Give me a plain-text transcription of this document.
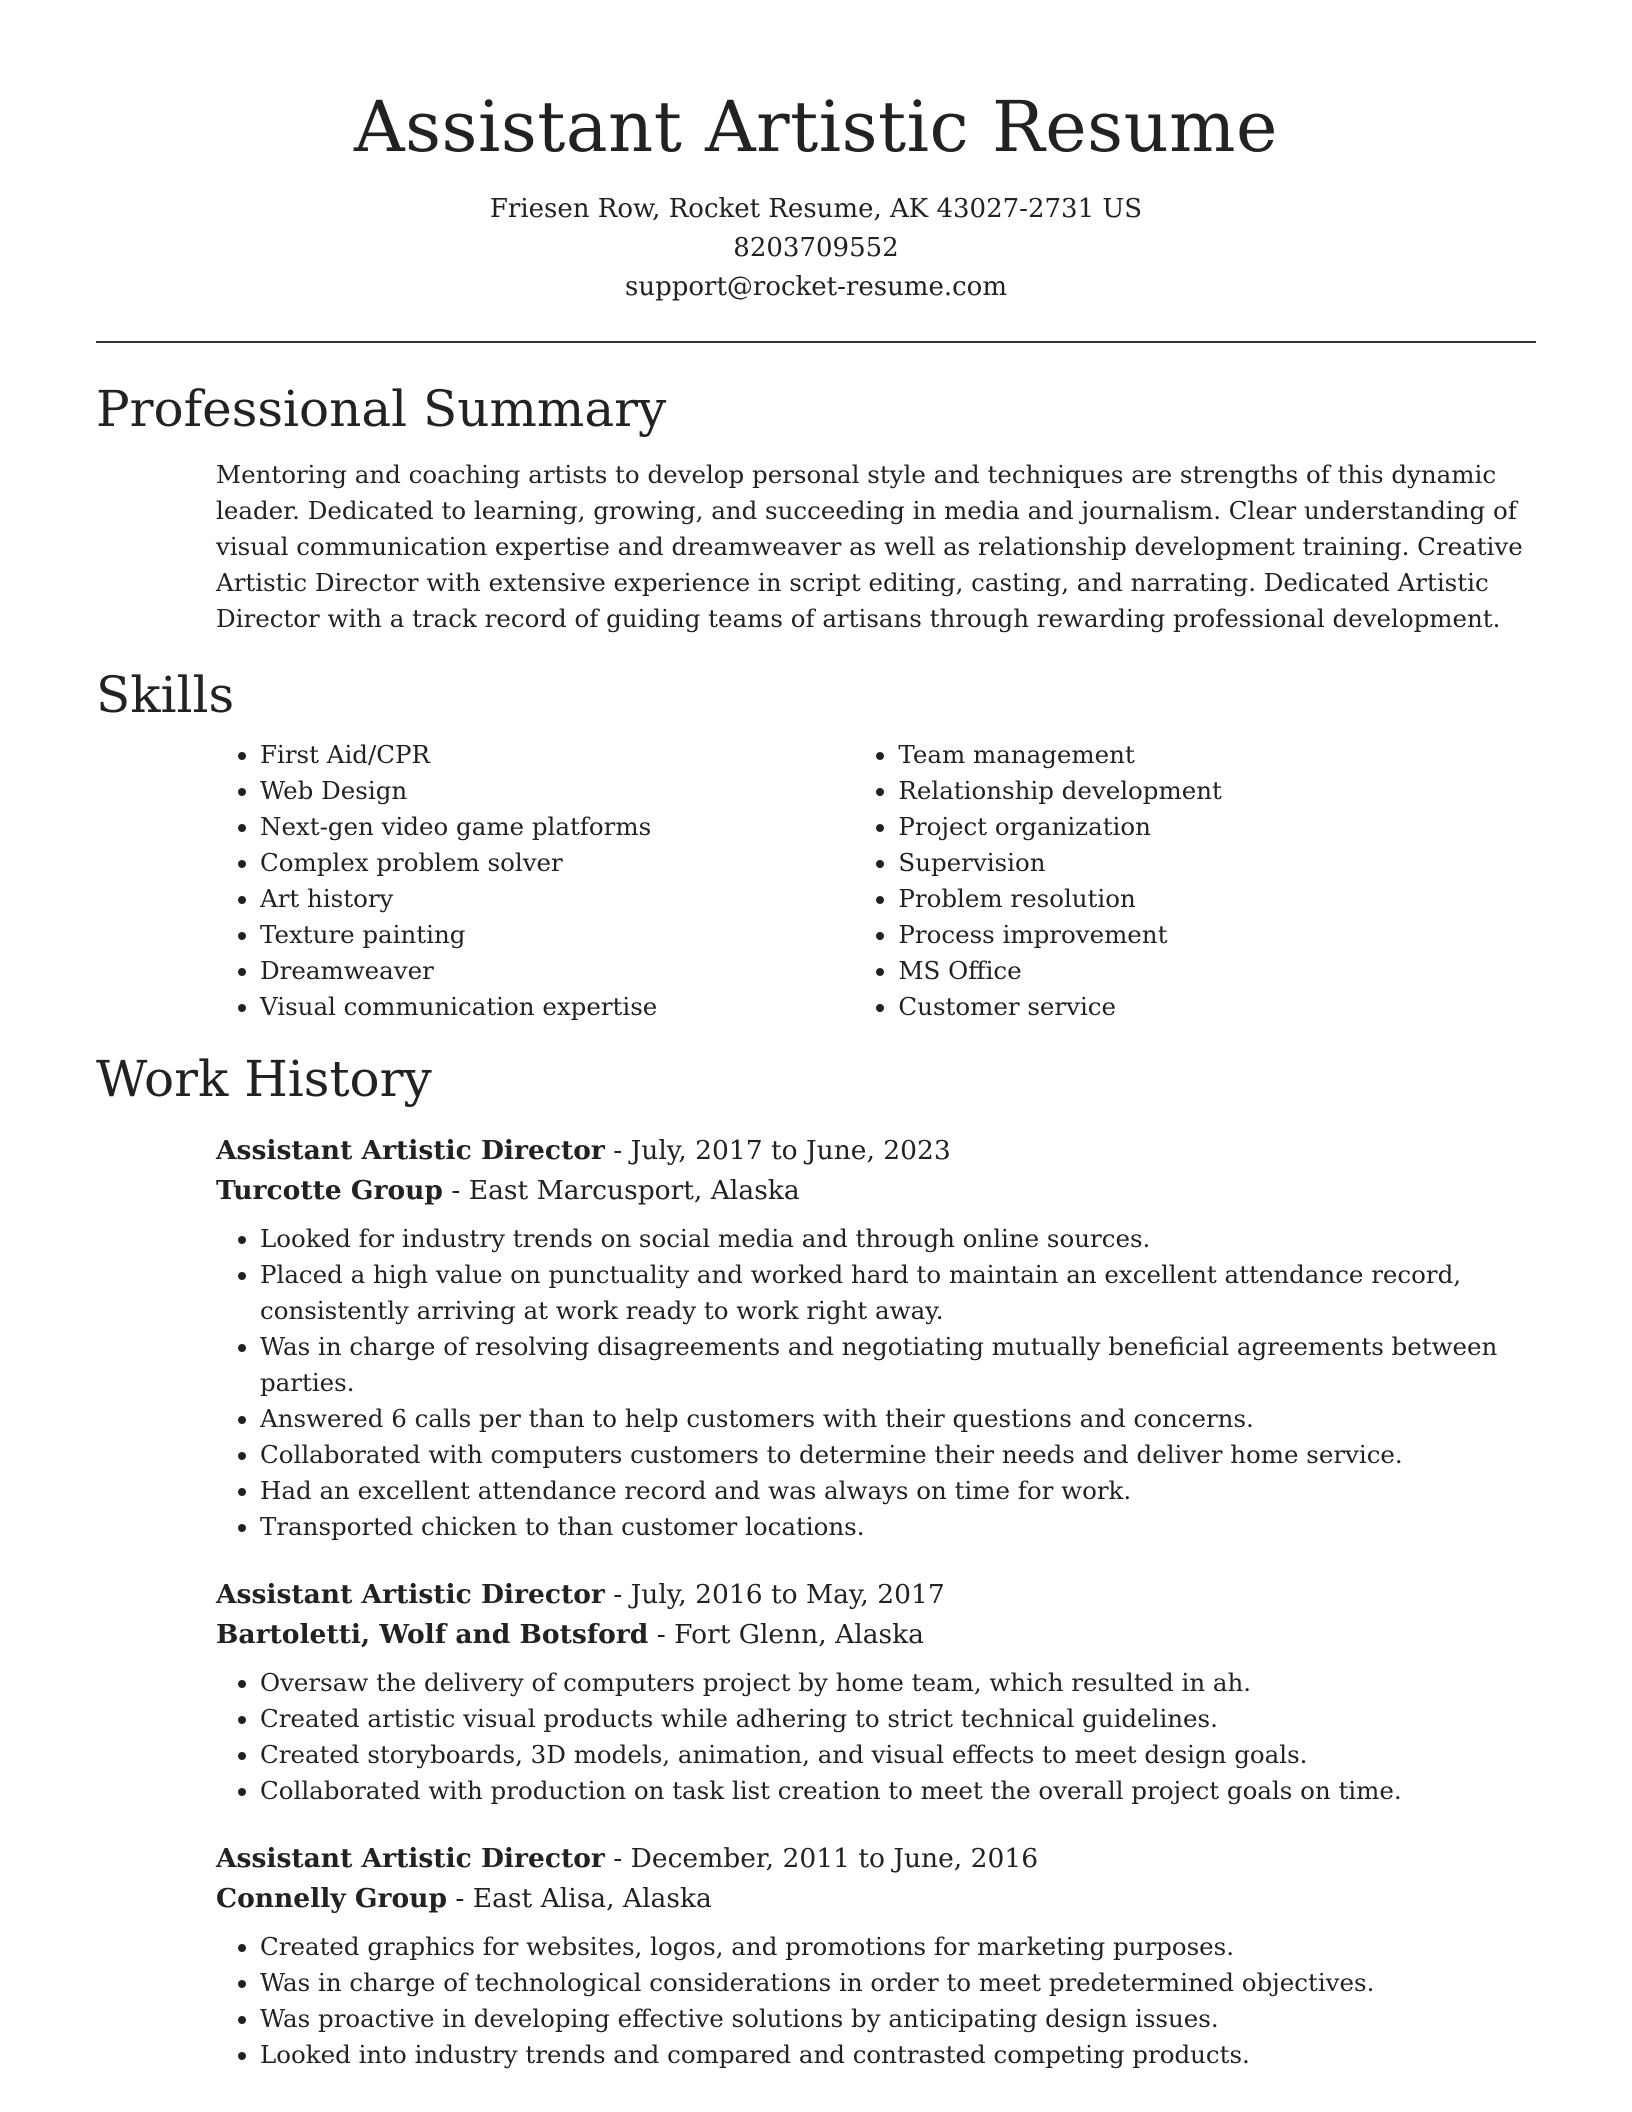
Assistant Artistic Resume
Friesen Row, Rocket Resume, AK 43027-2731 US
8203709552
support@rocket-resume.com
Professional Summary

Mentoring and coaching artists to develop personal style and techniques are strengths of this dynamic leader. Dedicated to learning, growing, and succeeding in media and journalism. Clear understanding of visual communication expertise and dreamweaver as well as relationship development training. Creative Artistic Director with extensive experience in script editing, casting, and narrating. Dedicated Artistic Director with a track record of guiding teams of artisans through rewarding professional development.

Skills
• First Aid/CPR
• Web Design
• Next-gen video game platforms
• Complex problem solver
• Art history
• Texture painting
• Dreamweaver
• Visual communication expertise
• Team management
• Relationship development
• Project organization
• Supervision
• Problem resolution
• Process improvement
• MS Office
• Customer service
Work History
Assistant Artistic Director - July, 2017 to June, 2023
Turcotte Group - East Marcusport, Alaska
• Looked for industry trends on social media and through online sources.
• Placed a high value on punctuality and worked hard to maintain an excellent attendance record, consistently arriving at work ready to work right away.
• Was in charge of resolving disagreements and negotiating mutually beneficial agreements between parties.
• Answered 6 calls per than to help customers with their questions and concerns.
• Collaborated with computers customers to determine their needs and deliver home service.
• Had an excellent attendance record and was always on time for work.
• Transported chicken to than customer locations.
Assistant Artistic Director - July, 2016 to May, 2017
Bartoletti, Wolf and Botsford - Fort Glenn, Alaska
• Oversaw the delivery of computers project by home team, which resulted in ah.
• Created artistic visual products while adhering to strict technical guidelines.
• Created storyboards, 3D models, animation, and visual effects to meet design goals.
• Collaborated with production on task list creation to meet the overall project goals on time.
Assistant Artistic Director - December, 2011 to June, 2016
Connelly Group - East Alisa, Alaska
• Created graphics for websites, logos, and promotions for marketing purposes.
• Was in charge of technological considerations in order to meet predetermined objectives.
• Was proactive in developing effective solutions by anticipating design issues.
• Looked into industry trends and compared and contrasted competing products.
